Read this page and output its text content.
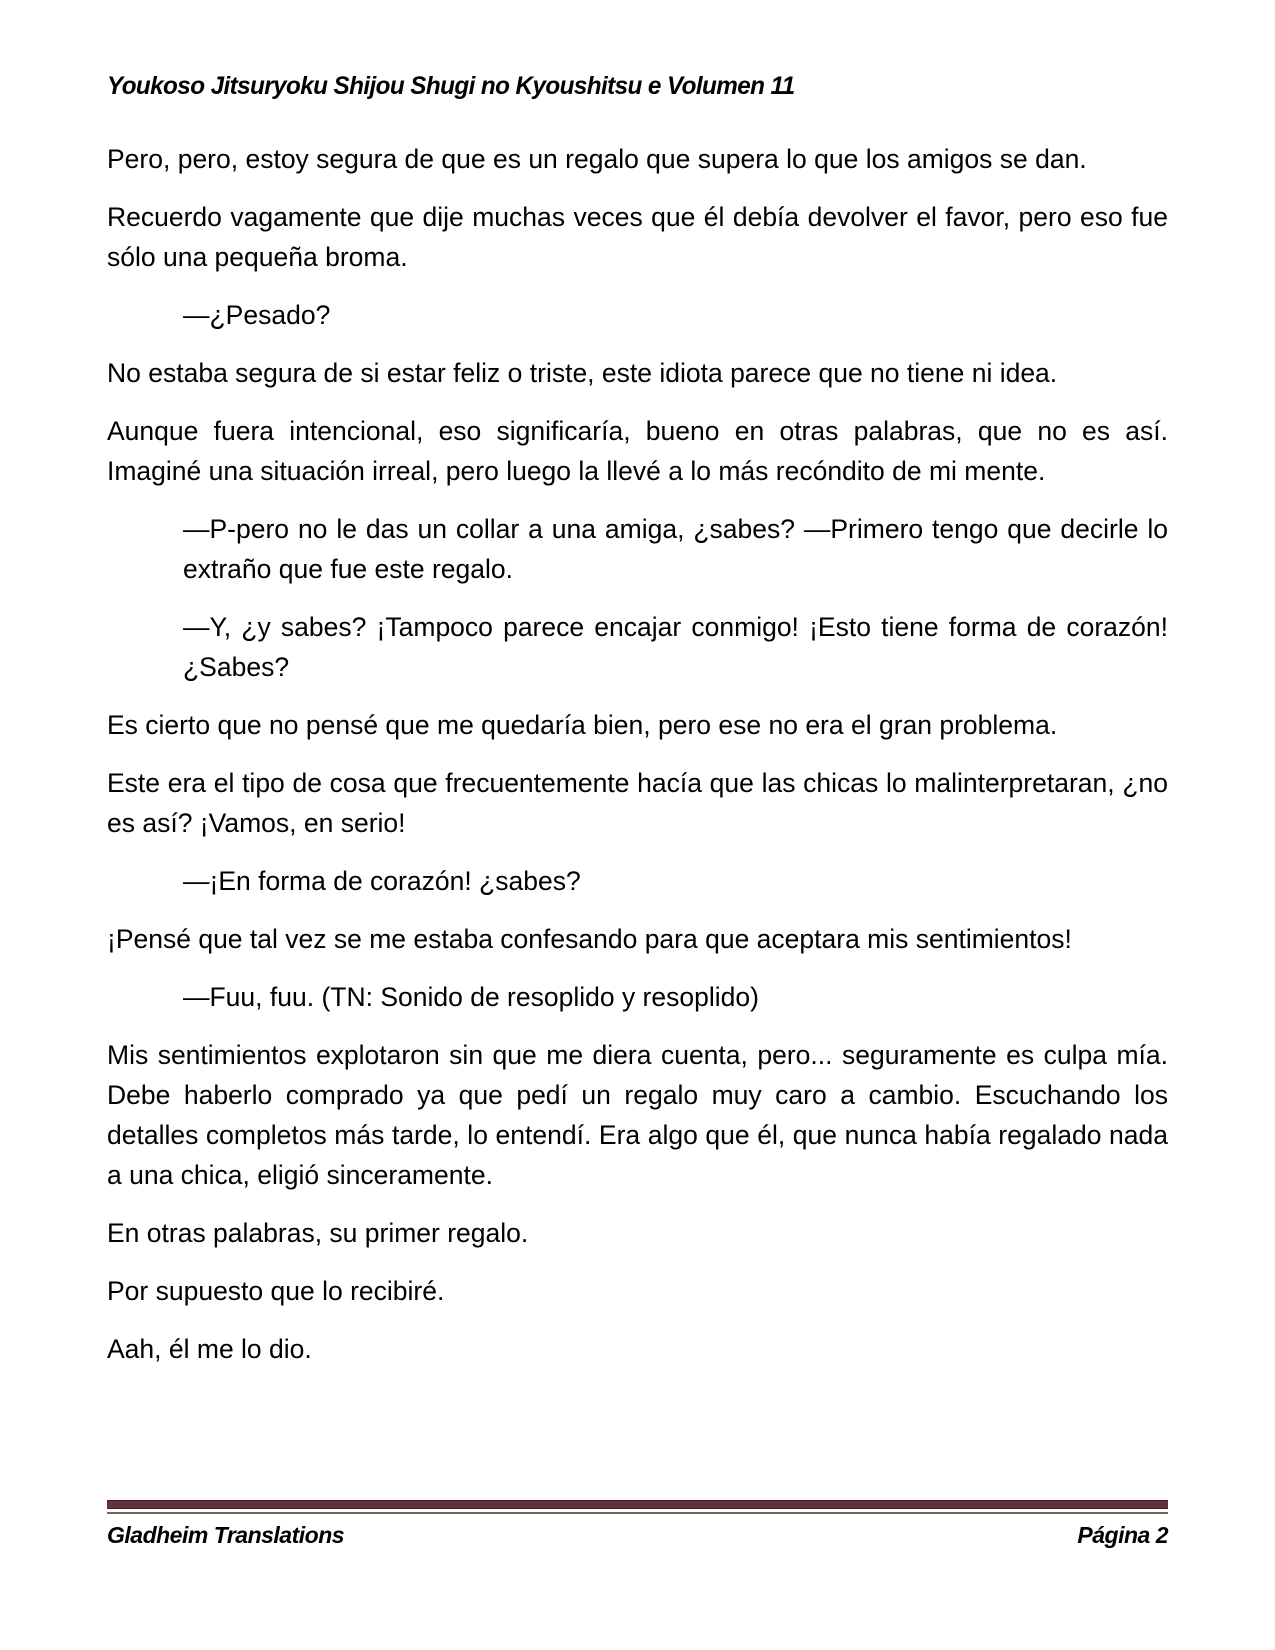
Youkoso Jitsuryoku Shijou Shugi no Kyoushitsu e Volumen 11

Pero, pero, estoy segura de que es un regalo que supera lo que los amigos se dan.

Recuerdo vagamente que dije muchas veces que él debía devolver el favor, pero eso fue sólo una pequeña broma.

—¿Pesado?

No estaba segura de si estar feliz o triste, este idiota parece que no tiene ni idea.

Aunque fuera intencional, eso significaría, bueno en otras palabras, que no es así. Imaginé una situación irreal, pero luego la llevé a lo más recóndito de mi mente.

—P-pero no le das un collar a una amiga, ¿sabes? —Primero tengo que decirle lo extraño que fue este regalo.

—Y, ¿y sabes? ¡Tampoco parece encajar conmigo! ¡Esto tiene forma de corazón! ¿Sabes?

Es cierto que no pensé que me quedaría bien, pero ese no era el gran problema.

Este era el tipo de cosa que frecuentemente hacía que las chicas lo malinterpretaran, ¿no es así? ¡Vamos, en serio!

—¡En forma de corazón! ¿sabes?

¡Pensé que tal vez se me estaba confesando para que aceptara mis sentimientos!

—Fuu, fuu. (TN: Sonido de resoplido y resoplido)

Mis sentimientos explotaron sin que me diera cuenta, pero... seguramente es culpa mía. Debe haberlo comprado ya que pedí un regalo muy caro a cambio. Escuchando los detalles completos más tarde, lo entendí. Era algo que él, que nunca había regalado nada a una chica, eligió sinceramente.

En otras palabras, su primer regalo.

Por supuesto que lo recibiré.

Aah, él me lo dio.

Gladheim Translations	Página 2
